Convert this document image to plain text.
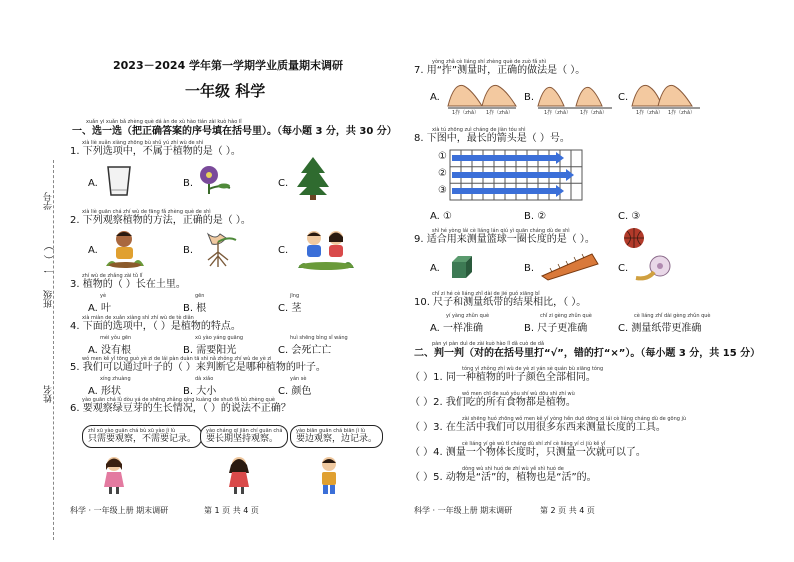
2023－2024 学年第一学期学业质量期末调研
一年级 科学
xuǎn yi xuǎn bǎ zhèng què dá àn de xù hào tián zài kuò hào lǐ
一、选一选（把正确答案的序号填在括号里）。（每小题 3 分，共 30 分）
xià liè xuǎn xiàng zhōng bù shǔ yú zhí wù de shì
1. 下列选项中，不属于植物的是（ ）。
A.	B.	C.
xià liè guān chá zhí wù de fāng fǎ zhèng què de shì
2. 下列观察植物的方法，正确的是（ ）。
A.	B.	C.
zhí wù de zhǎng zài tǔ lǐ
3. 植物的（ ）长在土里。
yè	gēn	jīng
A. 叶	B. 根	C. 茎
xià miàn de xuǎn xiàng shì zhí wù de tè diǎn
4. 下面的选项中，（ ）是植物的特点。
méi yǒu gēn	xū yào yáng guāng	huì shēng bìng sǐ wáng
A. 没有根	B. 需要阳光	C. 会死亡亡
wǒ men kě yǐ tōng guò yè zi de lái pàn duàn tā shì nǎ zhǒng zhí wù de yè zi
5. 我们可以通过叶子的（ ）来判断它是哪种植物的叶子。
xíng zhuàng	dà xiǎo	yán sè
A. 形状	B. 大小	C. 颜色
yào guān chá lǜ dòu yá de shēng zhǎng qíng kuàng de shuō fǎ bù zhèng què
6. 要观察绿豆芽的生长情况，（ ）的说法不正确？
zhǐ xū yào guān chá bù xū yào jì lù
只需要观察，不需要记录。
yào cháng qī jiān chí guān chá
要长期坚持观察。
yào biān guān chá biān jì lù
要边观察，边记录。
学号
班级
姓名
一（ ）
科学 · 一年级上册 期末调研	第 1 页 共 4 页
yòng zhǎ cè liáng shí zhèng què de zuò fǎ shì
7. 用“拃”测量时，正确的做法是（ ）。
A.	B.	C.
1拃（zhǎ） 1拃（zhǎ）	1拃（zhǎ） 1拃（zhǎ）	1拃（zhǎ） 1拃（zhǎ）
xià tú zhōng zuì cháng de jiàn tóu shì
8. 下图中，最长的箭头是（ ）号。
①
②
③
A. ①	B. ②	C. ③
shì hé yòng lái cè liáng lán qiú yì quān cháng dù de shì
9. 适合用来测量篮球一圈长度的是（ ）。
A.	B.	C.
chǐ zi hé cè liáng zhǐ dài de jié guǒ xiāng bǐ
10. 尺子和测量纸带的结果相比，（ ）。
yí yàng zhǔn què	chǐ zi gèng zhǔn què	cè liáng zhǐ dài gèng zhǔn què
A. 一样准确	B. 尺子更准确	C. 测量纸带更准确
pàn yi pàn duì de zài kuò hào lǐ dǎ cuò de dǎ
二、判一判（对的在括号里打“√”，错的打“×”）。（每小题 3 分，共 15 分）
tóng yì zhǒng zhí wù de yè zi yán sè quán bù xiāng tóng
（ ）1. 同一种植物的叶子颜色全部相同。
wǒ men chī de suǒ yǒu shí wù dōu shì zhí wù
（ ）2. 我们吃的所有食物都是植物。
zài shēng huó zhōng wǒ men kě yǐ yòng hěn duō dōng xi lái cè liáng cháng dù de gōng jù
（ ）3. 在生活中我们可以用很多东西来测量长度的工具。
cè liáng yí gè wù tǐ cháng dù shí zhǐ cè liáng yí cì jiù kě yǐ
（ ）4. 测量一个物体长度时，只测量一次就可以了。
dòng wù shì huó de zhí wù yě shì huó de
（ ）5. 动物是“活”的，植物也是“活”的。
科学 · 一年级上册 期末调研	第 2 页 共 4 页
